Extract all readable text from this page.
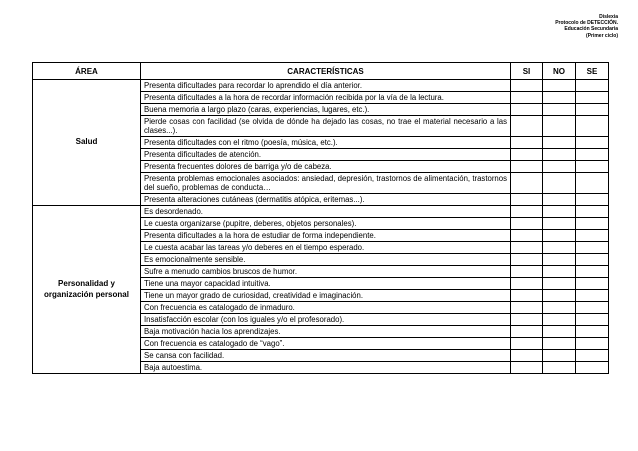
Dislexia
Protocolo de DETECCIÓN.
Educación Secundaria
(Primer ciclo)
ÁREA	CARACTERÍSTICAS	SI	NO	SE

Salud	Presenta dificultades para recordar lo aprendido el día anterior.			
	Presenta dificultades a la hora de recordar información recibida por la vía de la lectura.			
	Buena memoria a largo plazo (caras, experiencias, lugares, etc.).			
	Pierde cosas con facilidad (se olvida de dónde ha dejado las cosas, no trae el material necesario a las clases...).			
	Presenta dificultades con el ritmo (poesía, música, etc.).			
	Presenta dificultades de atención.			
	Presenta frecuentes dolores de barriga y/o de cabeza.			
	Presenta problemas emocionales asociados: ansiedad, depresión, trastornos de alimentación, trastornos del sueño, problemas de conducta…			
	Presenta alteraciones cutáneas (dermatitis atópica, eritemas...).			

Personalidad y
organización personal	Es desordenado.			
	Le cuesta organizarse (pupitre, deberes, objetos personales).			
	Presenta dificultades a la hora de estudiar de forma independiente.			
	Le cuesta acabar las tareas y/o deberes en el tiempo esperado.			
	Es emocionalmente sensible.			
	Sufre a menudo cambios bruscos de humor.			
	Tiene una mayor capacidad intuitiva.			
	Tiene un mayor grado de curiosidad, creatividad e imaginación.			
	Con frecuencia es catalogado de inmaduro.			
	Insatisfacción escolar (con los iguales y/o el profesorado).			
	Baja motivación hacia los aprendizajes.			
	Con frecuencia es catalogado de “vago”.			
	Se cansa con facilidad.			
	Baja autoestima.			
